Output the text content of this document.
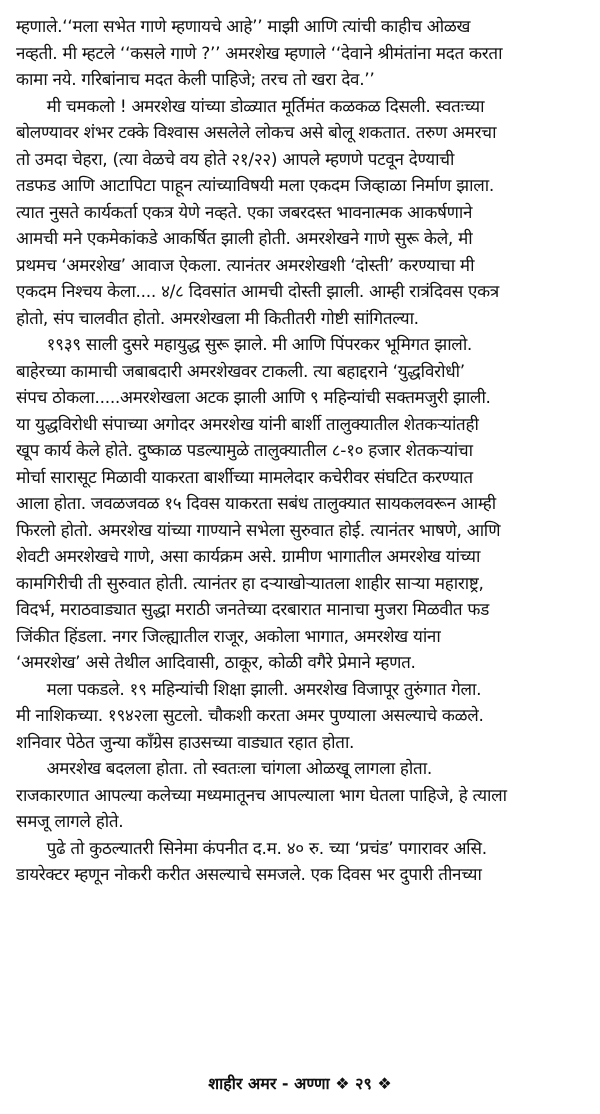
म्हणाले.‘‘मला सभेत गाणे म्हणायचे आहे’’ माझी आणि त्यांची काहीच ओळख
नव्हती. मी म्हटले ‘‘कसले गाणे ?’’ अमरशेख म्हणाले ‘‘देवाने श्रीमंतांना मदत करता
कामा नये. गरिबांनाच मदत केली पाहिजे; तरच तो खरा देव.’’
मी चमकलो ! अमरशेख यांच्या डोळ्यात मूर्तिमंत कळकळ दिसली. स्वतःच्या
बोलण्यावर शंभर टक्के विश्वास असलेले लोकच असे बोलू शकतात. तरुण अमरचा
तो उमदा चेहरा, (त्या वेळचे वय होते २१/२२) आपले म्हणणे पटवून देण्याची
तडफड आणि आटापिटा पाहून त्यांच्याविषयी मला एकदम जिव्हाळा निर्माण झाला.
त्यात नुसते कार्यकर्ता एकत्र येणे नव्हते. एका जबरदस्त भावनात्मक आकर्षणाने
आमची मने एकमेकांकडे आकर्षित झाली होती. अमरशेखने गाणे सुरू केले, मी
प्रथमच ‘अमरशेख’ आवाज ऐकला. त्यानंतर अमरशेखशी ‘दोस्ती’ करण्याचा मी
एकदम निश्चय केला.... ४/८ दिवसांत आमची दोस्ती झाली. आम्ही रात्रंदिवस एकत्र
होतो, संप चालवीत होतो. अमरशेखला मी कितीतरी गोष्टी सांगितल्या.
१९३९ साली दुसरे महायुद्ध सुरू झाले. मी आणि पिंपरकर भूमिगत झालो.
बाहेरच्या कामाची जबाबदारी अमरशेखवर टाकली. त्या बहाद्दराने ‘युद्धविरोधी’
संपच ठोकला.....अमरशेखला अटक झाली आणि ९ महिन्यांची सक्तमजुरी झाली.
या युद्धविरोधी संपाच्या अगोदर अमरशेख यांनी बार्शी तालुक्यातील शेतकऱ्यांतही
खूप कार्य केले होते. दुष्काळ पडल्यामुळे तालुक्यातील ८-१० हजार शेतकऱ्यांचा
मोर्चा सारासूट मिळावी याकरता बार्शीच्या मामलेदार कचेरीवर संघटित करण्यात
आला होता. जवळजवळ १५ दिवस याकरता सबंध तालुक्यात सायकलवरून आम्ही
फिरलो होतो. अमरशेख यांच्या गाण्याने सभेला सुरुवात होई. त्यानंतर भाषणे, आणि
शेवटी अमरशेखचे गाणे, असा कार्यक्रम असे. ग्रामीण भागातील अमरशेख यांच्या
कामगिरीची ती सुरुवात होती. त्यानंतर हा दऱ्याखोऱ्यातला शाहीर साऱ्या महाराष्ट्र,
विदर्भ, मराठवाड्यात सुद्धा मराठी जनतेच्या दरबारात मानाचा मुजरा मिळवीत फड
जिंकीत हिंडला. नगर जिल्ह्यातील राजूर, अकोला भागात, अमरशेख यांना
‘अमरशेख’ असे तेथील आदिवासी, ठाकूर, कोळी वगैरे प्रेमाने म्हणत.
मला पकडले. १९ महिन्यांची शिक्षा झाली. अमरशेख विजापूर तुरुंगात गेला.
मी नाशिकच्या. १९४२ला सुटलो. चौकशी करता अमर पुण्याला असल्याचे कळले.
शनिवार पेठेत जुन्या काँग्रेस हाउसच्या वाड्यात रहात होता.
अमरशेख बदलला होता. तो स्वतःला चांगला ओळखू लागला होता.
राजकारणात आपल्या कलेच्या मध्यमातूनच आपल्याला भाग घेतला पाहिजे, हे त्याला
समजू लागले होते.
पुढे तो कुठल्यातरी सिनेमा कंपनीत द.म. ४० रु. च्या ‘प्रचंड’ पगारावर असि.
डायरेक्टर म्हणून नोकरी करीत असल्याचे समजले. एक दिवस भर दुपारी तीनच्या
शाहीर अमर - अण्णा ❖ २९ ❖
